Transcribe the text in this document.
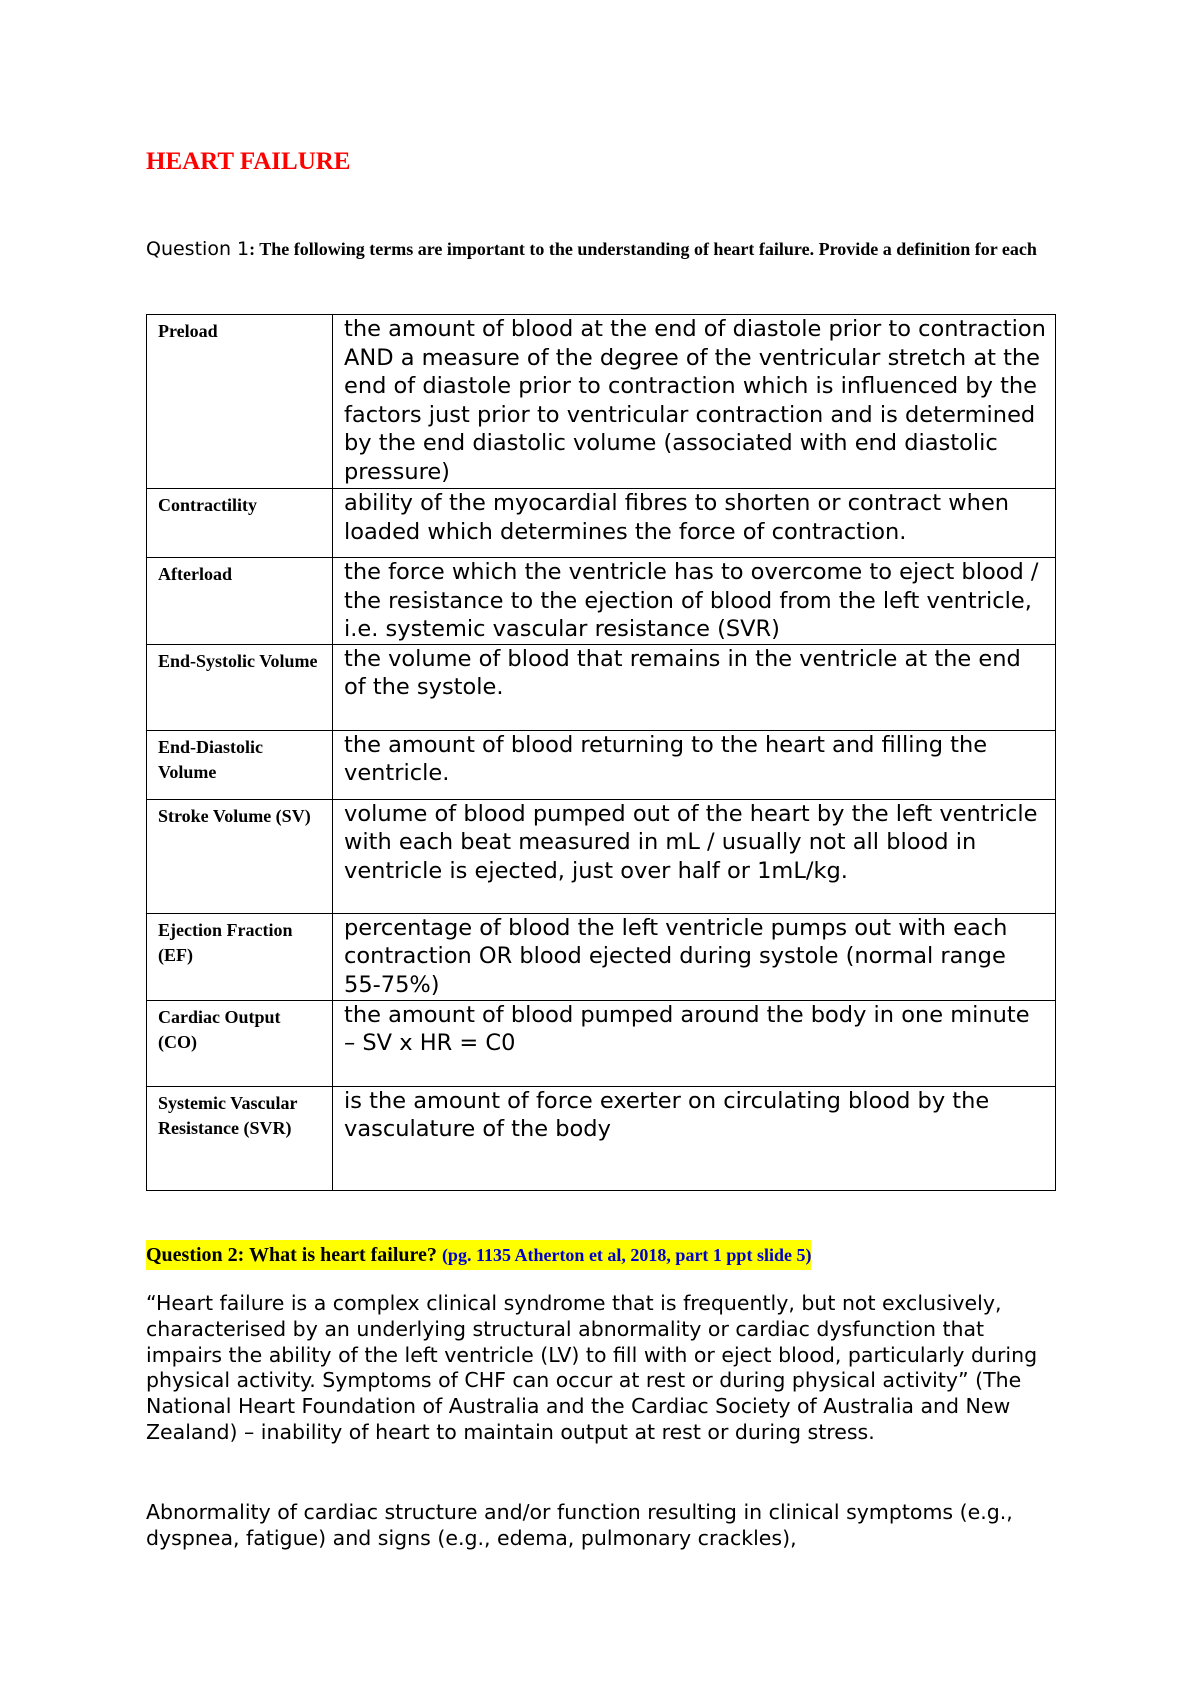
HEART FAILURE

Question 1: The following terms are important to the understanding of heart failure. Provide a definition for each

Preload	the amount of blood at the end of diastole prior to contraction AND a measure of the degree of the ventricular stretch at the end of diastole prior to contraction which is influenced by the factors just prior to ventricular contraction and is determined by the end diastolic volume (associated with end diastolic pressure)
Contractility	ability of the myocardial fibres to shorten or contract when loaded which determines the force of contraction.
Afterload	the force which the ventricle has to overcome to eject blood / the resistance to the ejection of blood from the left ventricle, i.e. systemic vascular resistance (SVR)
End-Systolic Volume	the volume of blood that remains in the ventricle at the end of the systole.
End-Diastolic Volume	the amount of blood returning to the heart and filling the ventricle.
Stroke Volume (SV)	volume of blood pumped out of the heart by the left ventricle with each beat measured in mL / usually not all blood in ventricle is ejected, just over half or 1mL/kg.
Ejection Fraction (EF)	percentage of blood the left ventricle pumps out with each contraction OR blood ejected during systole (normal range 55-75%)
Cardiac Output (CO)	the amount of blood pumped around the body in one minute – SV x HR = C0
Systemic Vascular Resistance (SVR)	is the amount of force exerter on circulating blood by the vasculature of the body

Question 2: What is heart failure? (pg. 1135 Atherton et al, 2018, part 1 ppt slide 5)

“Heart failure is a complex clinical syndrome that is frequently, but not exclusively, characterised by an underlying structural abnormality or cardiac dysfunction that impairs the ability of the left ventricle (LV) to fill with or eject blood, particularly during physical activity. Symptoms of CHF can occur at rest or during physical activity” (The National Heart Foundation of Australia and the Cardiac Society of Australia and New Zealand) – inability of heart to maintain output at rest or during stress.

Abnormality of cardiac structure and/or function resulting in clinical symptoms (e.g., dyspnea, fatigue) and signs (e.g., edema, pulmonary crackles),
